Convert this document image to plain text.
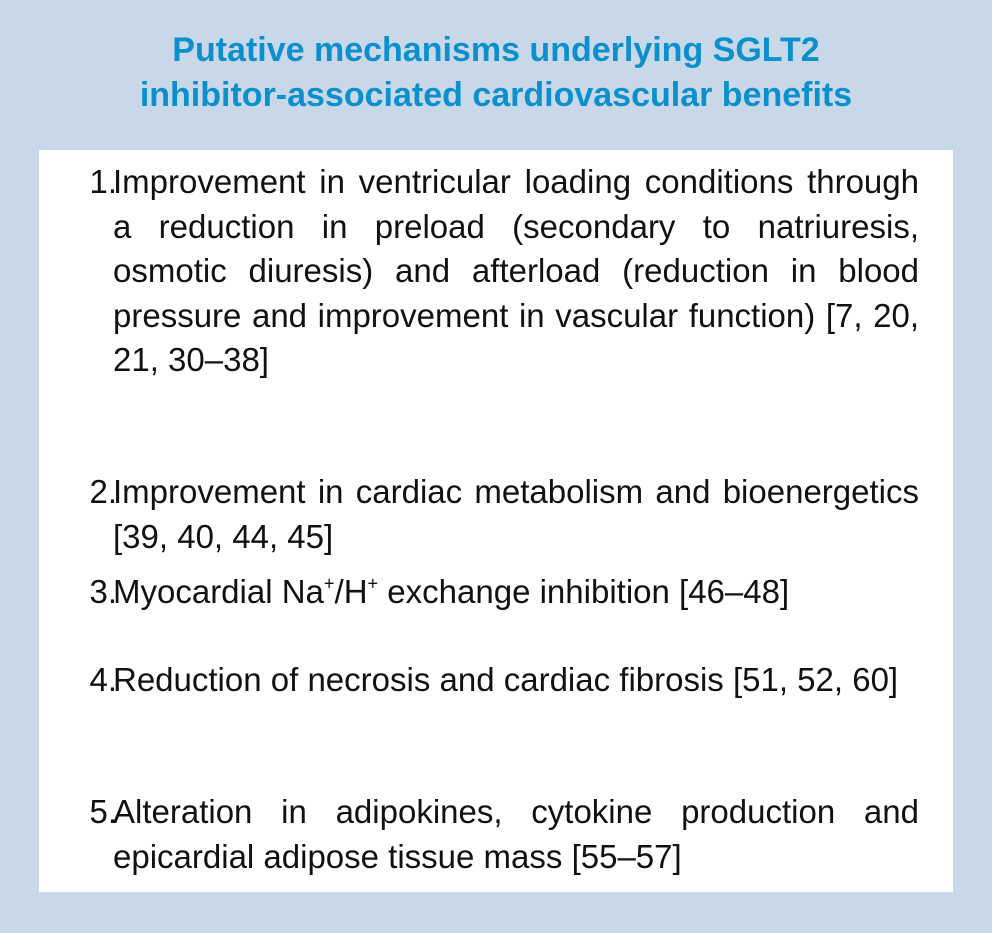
Putative mechanisms underlying SGLT2
inhibitor-associated cardiovascular benefits
1.
Improvement in ventricular loading conditions through a reduction in preload (secondary to natriuresis, osmotic diuresis) and afterload (reduction in blood pressure and improvement in vascular function) [7, 20, 21, 30–38]
2.
Improvement in cardiac metabolism and bioenergetics [39, 40, 44, 45]
3.
Myocardial Na+/H+ exchange inhibition [46–48]
4.
Reduction of necrosis and cardiac fibrosis [51, 52, 60]
5.
Alteration in adipokines, cytokine production and epicardial adipose tissue mass [55–57]
